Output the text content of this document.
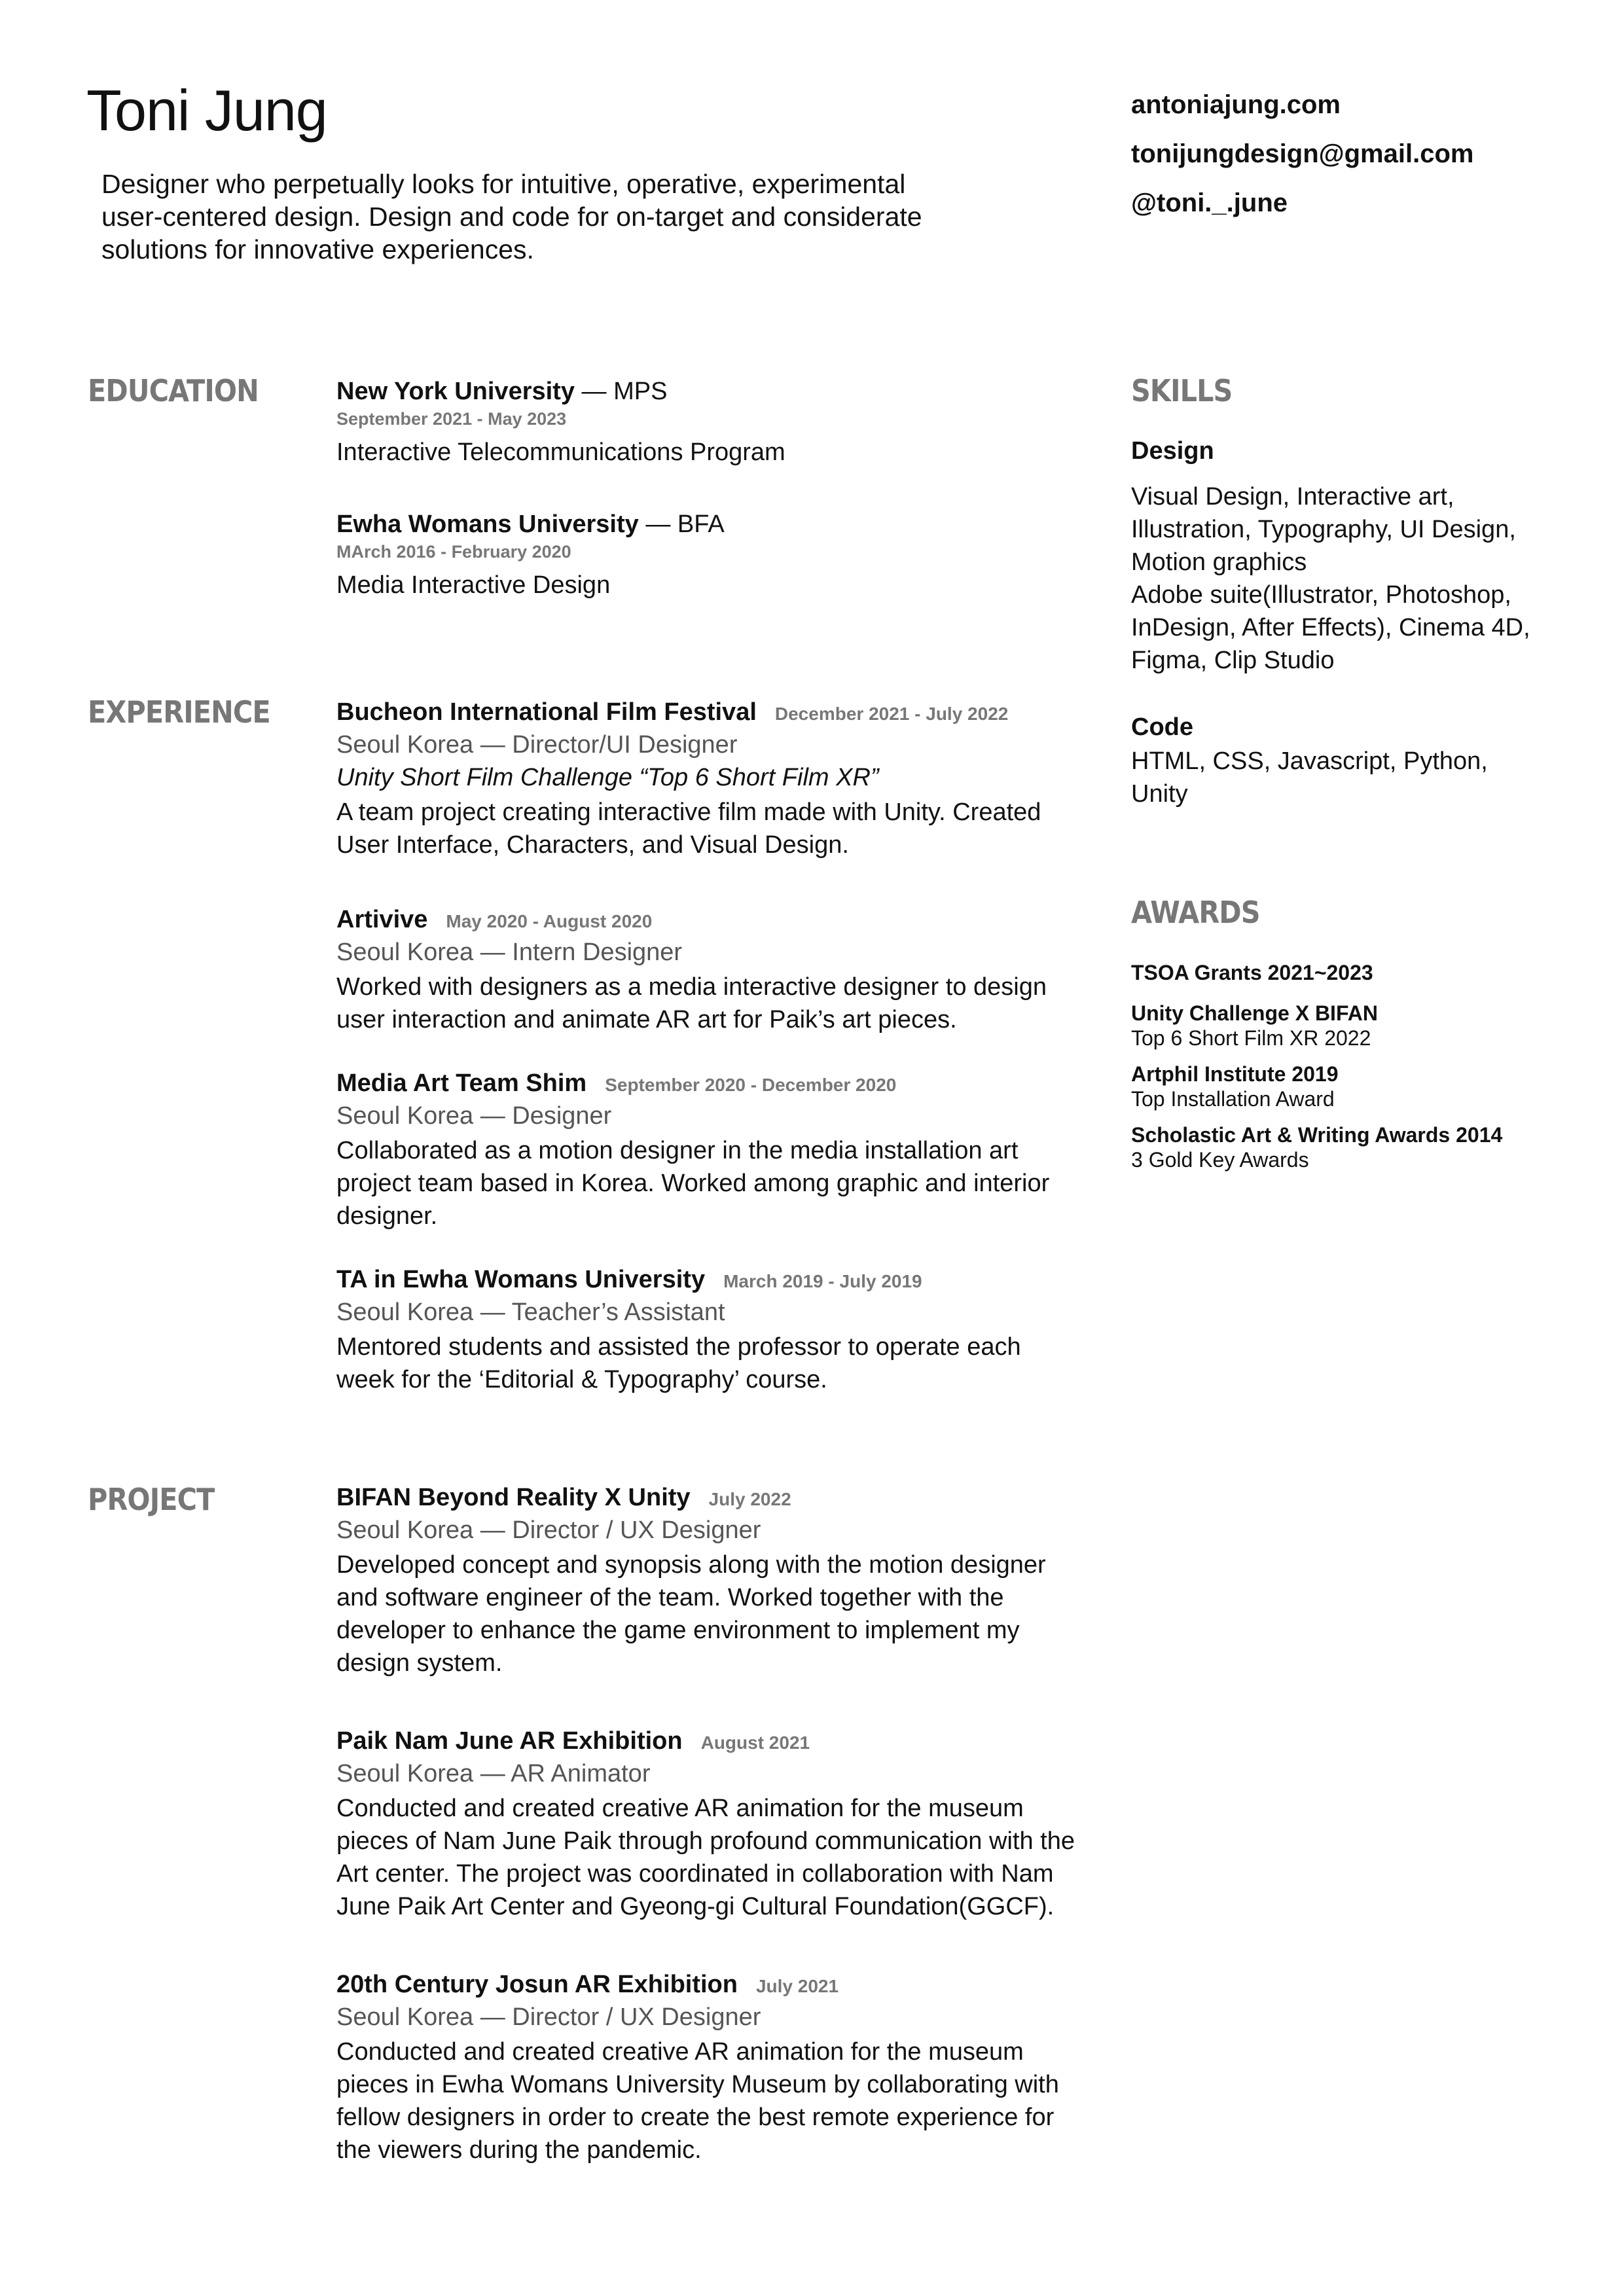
Toni Jung
Designer who perpetually looks for intuitive, operative, experimental
user-centered design. Design and code for on-target and considerate
solutions for innovative experiences.
antoniajung.com
tonijungdesign@gmail.com
@toni._.june
EDUCATION	New York University — MPS
September 2021 - May 2023
Interactive Telecommunications Program
Ewha Womans University — BFA
MArch 2016 - February 2020
Media Interactive Design
EXPERIENCE	Bucheon International Film Festival December 2021 - July 2022
Seoul Korea — Director/UI Designer
Unity Short Film Challenge “Top 6 Short Film XR”
A team project creating interactive film made with Unity. Created
User Interface, Characters, and Visual Design.
Artivive May 2020 - August 2020
Seoul Korea — Intern Designer
Worked with designers as a media interactive designer to design
user interaction and animate AR art for Paik’s art pieces.
Media Art Team Shim September 2020 - December 2020
Seoul Korea — Designer
Collaborated as a motion designer in the media installation art
project team based in Korea. Worked among graphic and interior
designer.
TA in Ewha Womans University March 2019 - July 2019
Seoul Korea — Teacher’s Assistant
Mentored students and assisted the professor to operate each
week for the ‘Editorial & Typography’ course.
PROJECT	BIFAN Beyond Reality X Unity July 2022
Seoul Korea — Director / UX Designer
Developed concept and synopsis along with the motion designer
and software engineer of the team. Worked together with the
developer to enhance the game environment to implement my
design system.
Paik Nam June AR Exhibition August 2021
Seoul Korea — AR Animator
Conducted and created creative AR animation for the museum
pieces of Nam June Paik through profound communication with the
Art center. The project was coordinated in collaboration with Nam
June Paik Art Center and Gyeong-gi Cultural Foundation(GGCF).
20th Century Josun AR Exhibition July 2021
Seoul Korea — Director / UX Designer
Conducted and created creative AR animation for the museum
pieces in Ewha Womans University Museum by collaborating with
fellow designers in order to create the best remote experience for
the viewers during the pandemic.
SKILLS
Design
Visual Design, Interactive art,
Illustration, Typography, UI Design,
Motion graphics
Adobe suite(Illustrator, Photoshop,
InDesign, After Effects), Cinema 4D,
Figma, Clip Studio
Code
HTML, CSS, Javascript, Python,
Unity
AWARDS
TSOA Grants 2021~2023
Unity Challenge X BIFAN
Top 6 Short Film XR 2022
Artphil Institute 2019
Top Installation Award
Scholastic Art & Writing Awards 2014
3 Gold Key Awards
